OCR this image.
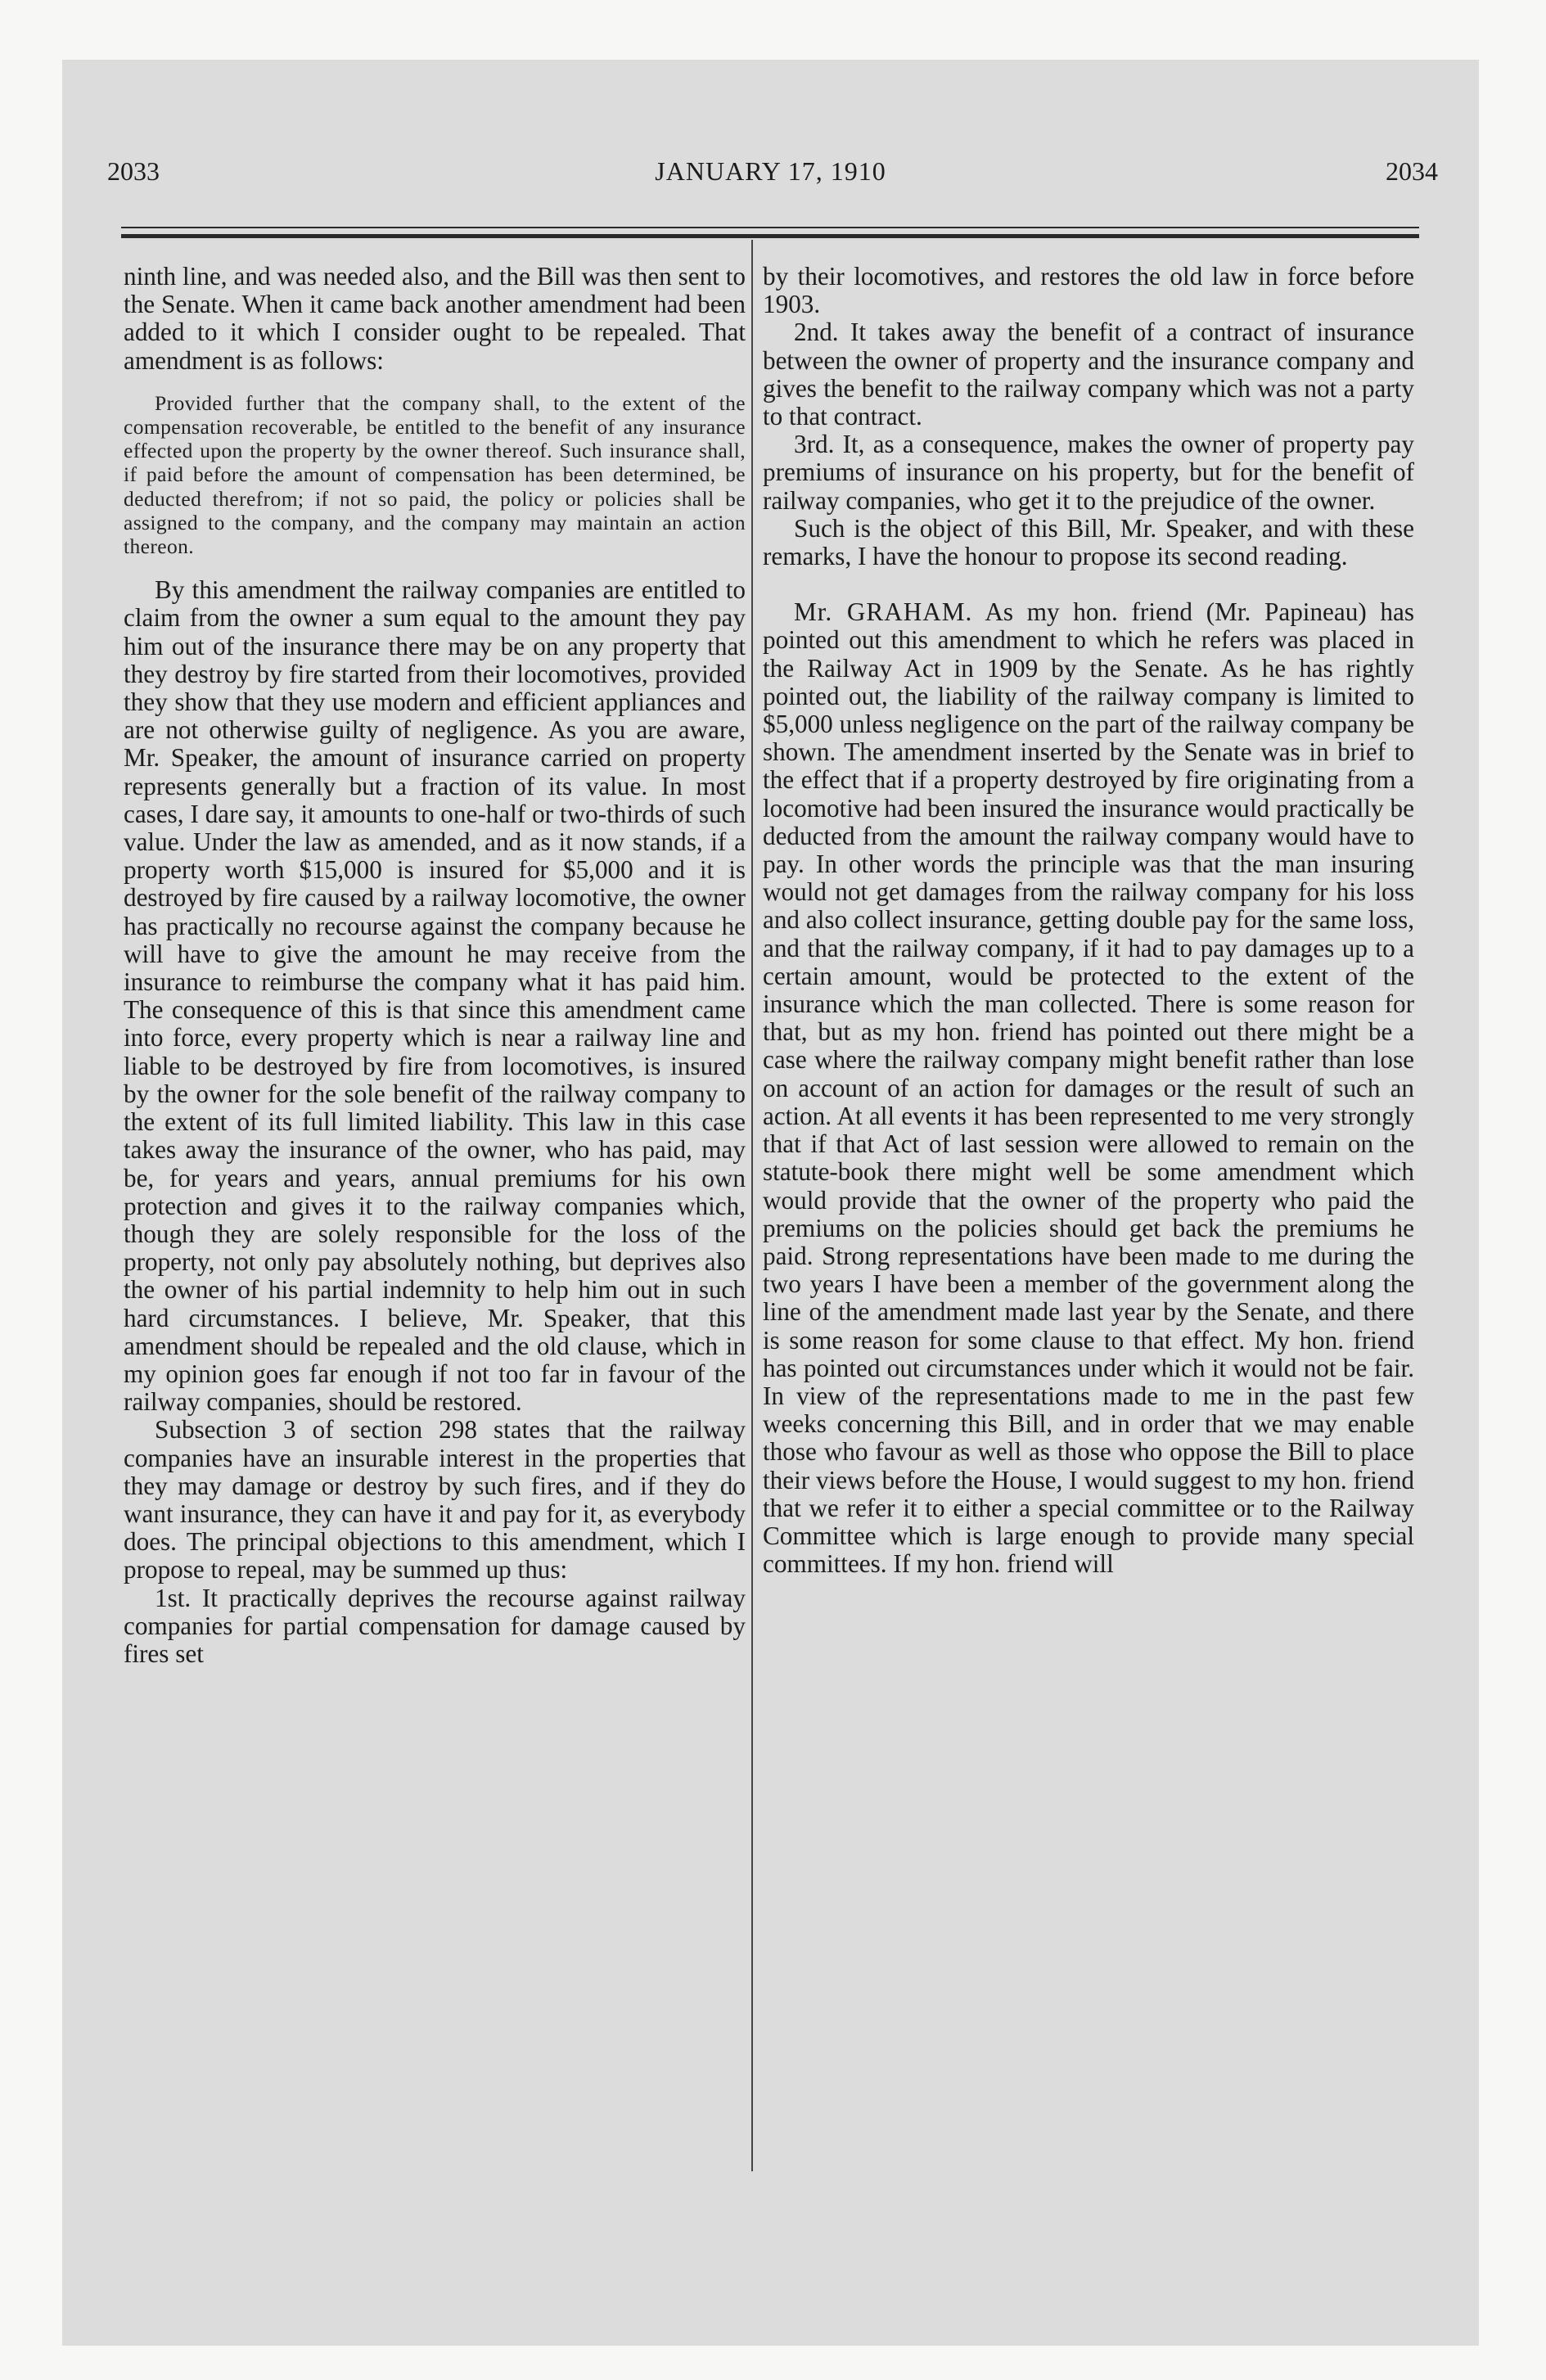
2033	JANUARY 17, 1910	2034

ninth line, and was needed also, and the Bill was then sent to the Senate. When it came back another amendment had been added to it which I consider ought to be repealed. That amendment is as follows:

Provided further that the company shall, to the extent of the compensation recoverable, be entitled to the benefit of any insurance effected upon the property by the owner thereof. Such insurance shall, if paid before the amount of compensation has been determined, be deducted therefrom; if not so paid, the policy or policies shall be assigned to the company, and the company may maintain an action thereon.

By this amendment the railway companies are entitled to claim from the owner a sum equal to the amount they pay him out of the insurance there may be on any property that they destroy by fire started from their locomotives, provided they show that they use modern and efficient appliances and are not otherwise guilty of negligence. As you are aware, Mr. Speaker, the amount of insurance carried on property represents generally but a fraction of its value. In most cases, I dare say, it amounts to one-half or two-thirds of such value. Under the law as amended, and as it now stands, if a property worth $15,000 is insured for $5,000 and it is destroyed by fire caused by a railway locomotive, the owner has practically no recourse against the company because he will have to give the amount he may receive from the insurance to reimburse the company what it has paid him. The consequence of this is that since this amendment came into force, every property which is near a railway line and liable to be destroyed by fire from locomotives, is insured by the owner for the sole benefit of the railway company to the extent of its full limited liability. This law in this case takes away the insurance of the owner, who has paid, may be, for years and years, annual premiums for his own protection and gives it to the railway companies which, though they are solely responsible for the loss of the property, not only pay absolutely nothing, but deprives also the owner of his partial indemnity to help him out in such hard circumstances. I believe, Mr. Speaker, that this amendment should be repealed and the old clause, which in my opinion goes far enough if not too far in favour of the railway companies, should be restored.

Subsection 3 of section 298 states that the railway companies have an insurable interest in the properties that they may damage or destroy by such fires, and if they do want insurance, they can have it and pay for it, as everybody does. The principal objections to this amendment, which I propose to repeal, may be summed up thus:

1st. It practically deprives the recourse against railway companies for partial compensation for damage caused by fires set

by their locomotives, and restores the old law in force before 1903.

2nd. It takes away the benefit of a contract of insurance between the owner of property and the insurance company and gives the benefit to the railway company which was not a party to that contract.

3rd. It, as a consequence, makes the owner of property pay premiums of insurance on his property, but for the benefit of railway companies, who get it to the prejudice of the owner.

Such is the object of this Bill, Mr. Speaker, and with these remarks, I have the honour to propose its second reading.

Mr. GRAHAM. As my hon. friend (Mr. Papineau) has pointed out this amendment to which he refers was placed in the Railway Act in 1909 by the Senate. As he has rightly pointed out, the liability of the railway company is limited to $5,000 unless negligence on the part of the railway company be shown. The amendment inserted by the Senate was in brief to the effect that if a property destroyed by fire originating from a locomotive had been insured the insurance would practically be deducted from the amount the railway company would have to pay. In other words the principle was that the man insuring would not get damages from the railway company for his loss and also collect insurance, getting double pay for the same loss, and that the railway company, if it had to pay damages up to a certain amount, would be protected to the extent of the insurance which the man collected. There is some reason for that, but as my hon. friend has pointed out there might be a case where the railway company might benefit rather than lose on account of an action for damages or the result of such an action. At all events it has been represented to me very strongly that if that Act of last session were allowed to remain on the statute-book there might well be some amendment which would provide that the owner of the property who paid the premiums on the policies should get back the premiums he paid. Strong representations have been made to me during the two years I have been a member of the government along the line of the amendment made last year by the Senate, and there is some reason for some clause to that effect. My hon. friend has pointed out circumstances under which it would not be fair. In view of the representations made to me in the past few weeks concerning this Bill, and in order that we may enable those who favour as well as those who oppose the Bill to place their views before the House, I would suggest to my hon. friend that we refer it to either a special committee or to the Railway Committee which is large enough to provide many special committees. If my hon. friend will
